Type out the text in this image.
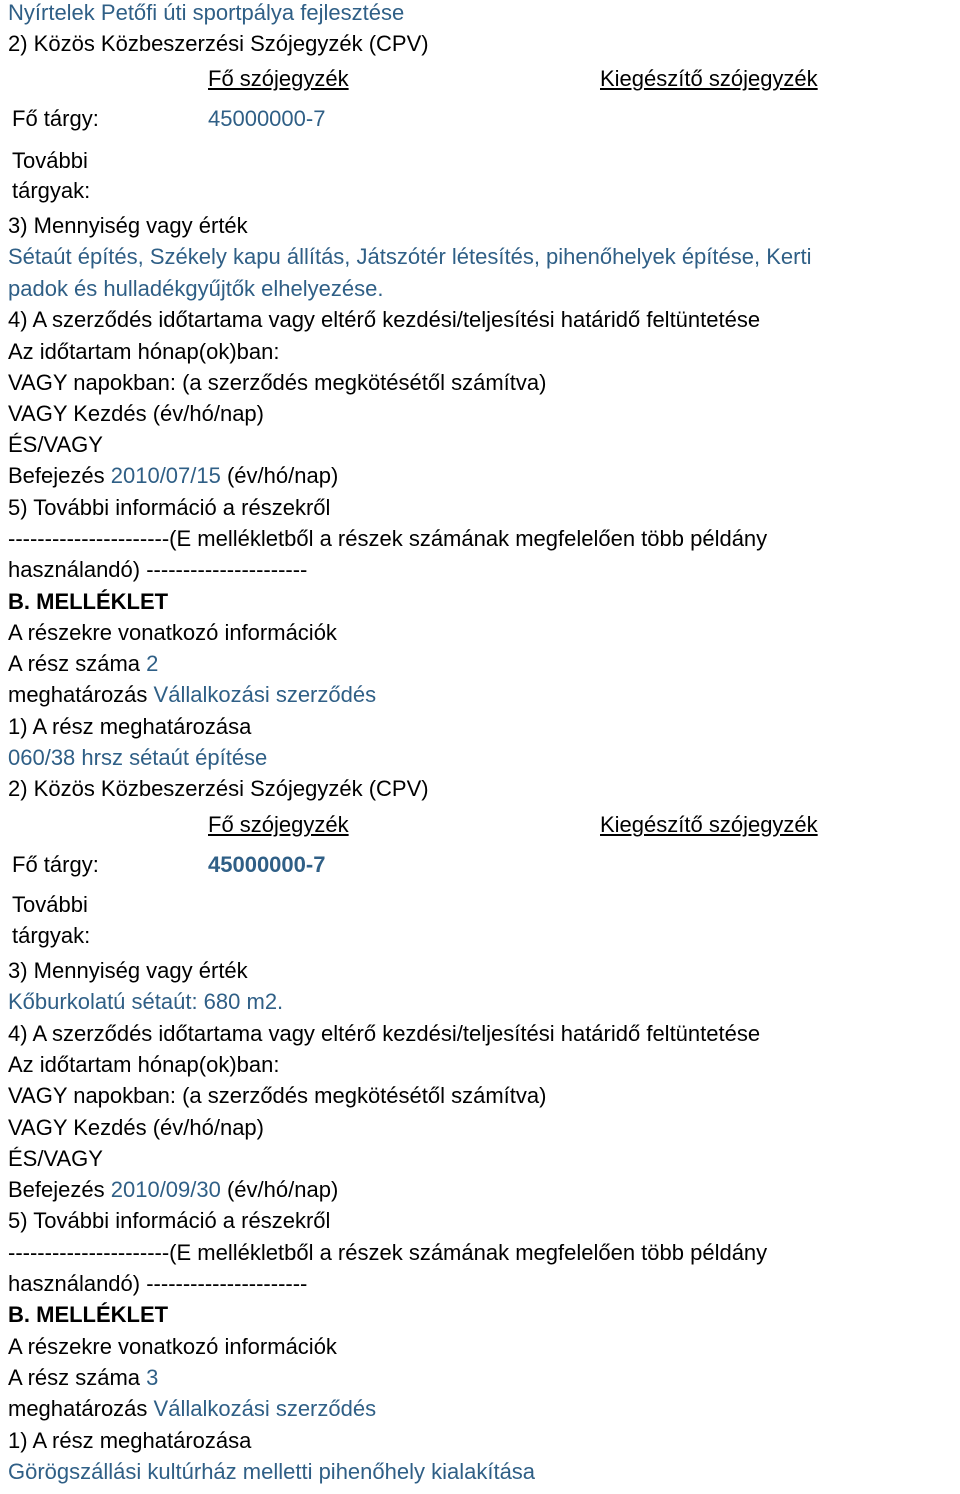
Nyírtelek Petőfi úti sportpálya fejlesztése
2) Közös Közbeszerzési Szójegyzék (CPV)
Fő szójegyzék	Kiegészítő szójegyzék
Fő tárgy:	45000000-7
További
tárgyak:
3) Mennyiség vagy érték
Sétaút építés, Székely kapu állítás, Játszótér létesítés, pihenőhelyek építése, Kerti
padok és hulladékgyűjtők elhelyezése.
4) A szerződés időtartama vagy eltérő kezdési/teljesítési határidő feltüntetése
Az időtartam hónap(ok)ban:
VAGY napokban: (a szerződés megkötésétől számítva)
VAGY Kezdés (év/hó/nap)
ÉS/VAGY
Befejezés 2010/07/15 (év/hó/nap)
5) További információ a részekről
----------------------(E mellékletből a részek számának megfelelően több példány
használandó) ----------------------
B. MELLÉKLET
A részekre vonatkozó információk
A rész száma 2
meghatározás Vállalkozási szerződés
1) A rész meghatározása
060/38 hrsz sétaút építése
2) Közös Közbeszerzési Szójegyzék (CPV)
Fő szójegyzék	Kiegészítő szójegyzék
Fő tárgy:	45000000-7
További
tárgyak:
3) Mennyiség vagy érték
Kőburkolatú sétaút: 680 m2.
4) A szerződés időtartama vagy eltérő kezdési/teljesítési határidő feltüntetése
Az időtartam hónap(ok)ban:
VAGY napokban: (a szerződés megkötésétől számítva)
VAGY Kezdés (év/hó/nap)
ÉS/VAGY
Befejezés 2010/09/30 (év/hó/nap)
5) További információ a részekről
----------------------(E mellékletből a részek számának megfelelően több példány
használandó) ----------------------
B. MELLÉKLET
A részekre vonatkozó információk
A rész száma 3
meghatározás Vállalkozási szerződés
1) A rész meghatározása
Görögszállási kultúrház melletti pihenőhely kialakítása
